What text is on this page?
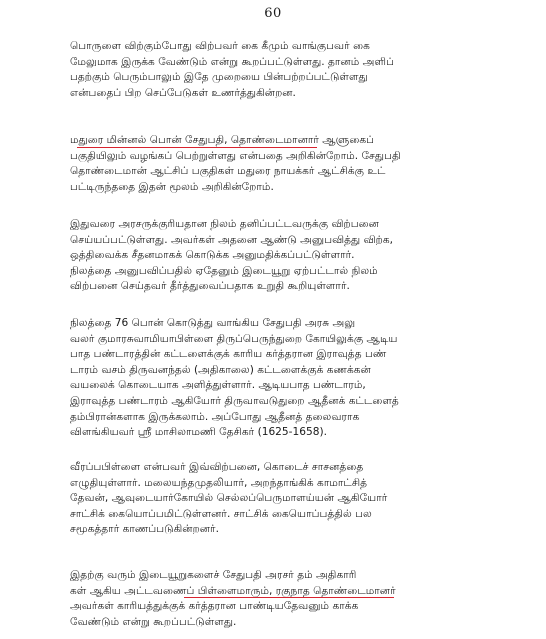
60

பொருளை விற்கும்போது விற்பவர் கை கீமும் வாங்குபவர் கை
மேலுமாக இருக்க வேண்டும் என்று கூறப்பட்டுள்ளது. தானம் அளிப்
பதற்கும் பெரும்பாலும் இதே முறையை பின்பற்றப்பட்டுள்ளது
என்பதைப் பிற செப்பேடுகள் உணர்த்துகின்றன.

மதுரை மின்னல் பொன் சேதுபதி, தொண்டைமானார் ஆளுகைப்
பகுதியிலும் வழங்கப் பெற்றுள்ளது என்பதை அறிகின்றோம். சேதுபதி
தொண்டைமான் ஆட்சிப் பகுதிகள் மதுரை நாயக்கர் ஆட்சிக்கு உட்
பட்டிருந்ததை இதன் மூலம் அறிகின்றோம்.

இதுவரை அரசருக்குரியதான நிலம் தனிப்பட்டவருக்கு விற்பனை
செய்யப்பட்டுள்ளது. அவர்கள் அதனை ஆண்டு அனுபவித்து விற்க,
ஒத்திவைக்க சீதனமாகக் கொடுக்க அனுமதிக்கப்பட்டுள்ளார்.
நிலத்தை அனுபவிப்பதில் ஏதேனும் இடையூறு ஏற்பட்டால் நிலம்
விற்பனை செய்தவர் தீர்த்துவைப்பதாக உறுதி கூறியுள்ளார்.

நிலத்தை 76 பொன் கொடுத்து வாங்கிய சேதுபதி அரசு அலு
வலர் குமாரசுவாமியாபிள்ளை திருப்பெருந்துறை கோயிலுக்கு ஆடிய
பாத பண்டாரத்தின் கட்டளைக்குக் காரிய கர்த்தரான இராவுத்த பண்
டாரம் வசம் திருவனந்தல் (அதிகாலை) கட்டளைக்குக் கணக்கன்
வயலைக் கொடையாக அளித்துள்ளார். ஆடியபாத பண்டாரம்,
இராவுத்த பண்டாரம் ஆகியோர் திருவாவடுதுறை ஆதீனக் கட்டளைத்
தம்பிரான்களாக இருக்கலாம். அப்போது ஆதீனத் தலைவராக
விளங்கியவர் ஸ்ரீ மாசிலாமணி தேசிகர் (1625-1658).

வீரப்பபிள்ளை என்பவர் இவ்விற்பனை, கொடைச் சாசனத்தை
எழுதியுள்ளார். மலையந்தமுதலியார், அறந்தாங்கிக் காமாட்சித்
தேவன், ஆவுடையார்கோயில் செல்லப்பெருமாளய்யன் ஆகியோர்
சாட்சிக் கையொப்பமிட்டுள்ளனர். சாட்சிக் கையொப்பத்தில் பல
சமூகத்தார் காணப்படுகின்றனர்.

இதற்கு வரும் இடையூறுகளைச் சேதுபதி அரசர் தம் அதிகாரி
கள் ஆகிய அட்டவணைப் பிள்ளைமாரும், ரகுநாத தொண்டைமானர்
அவர்கள் காரியத்துக்குக் கர்த்தரான பாண்டியதேவனும் காக்க
வேண்டும் என்று கூறப்பட்டுள்ளது.
